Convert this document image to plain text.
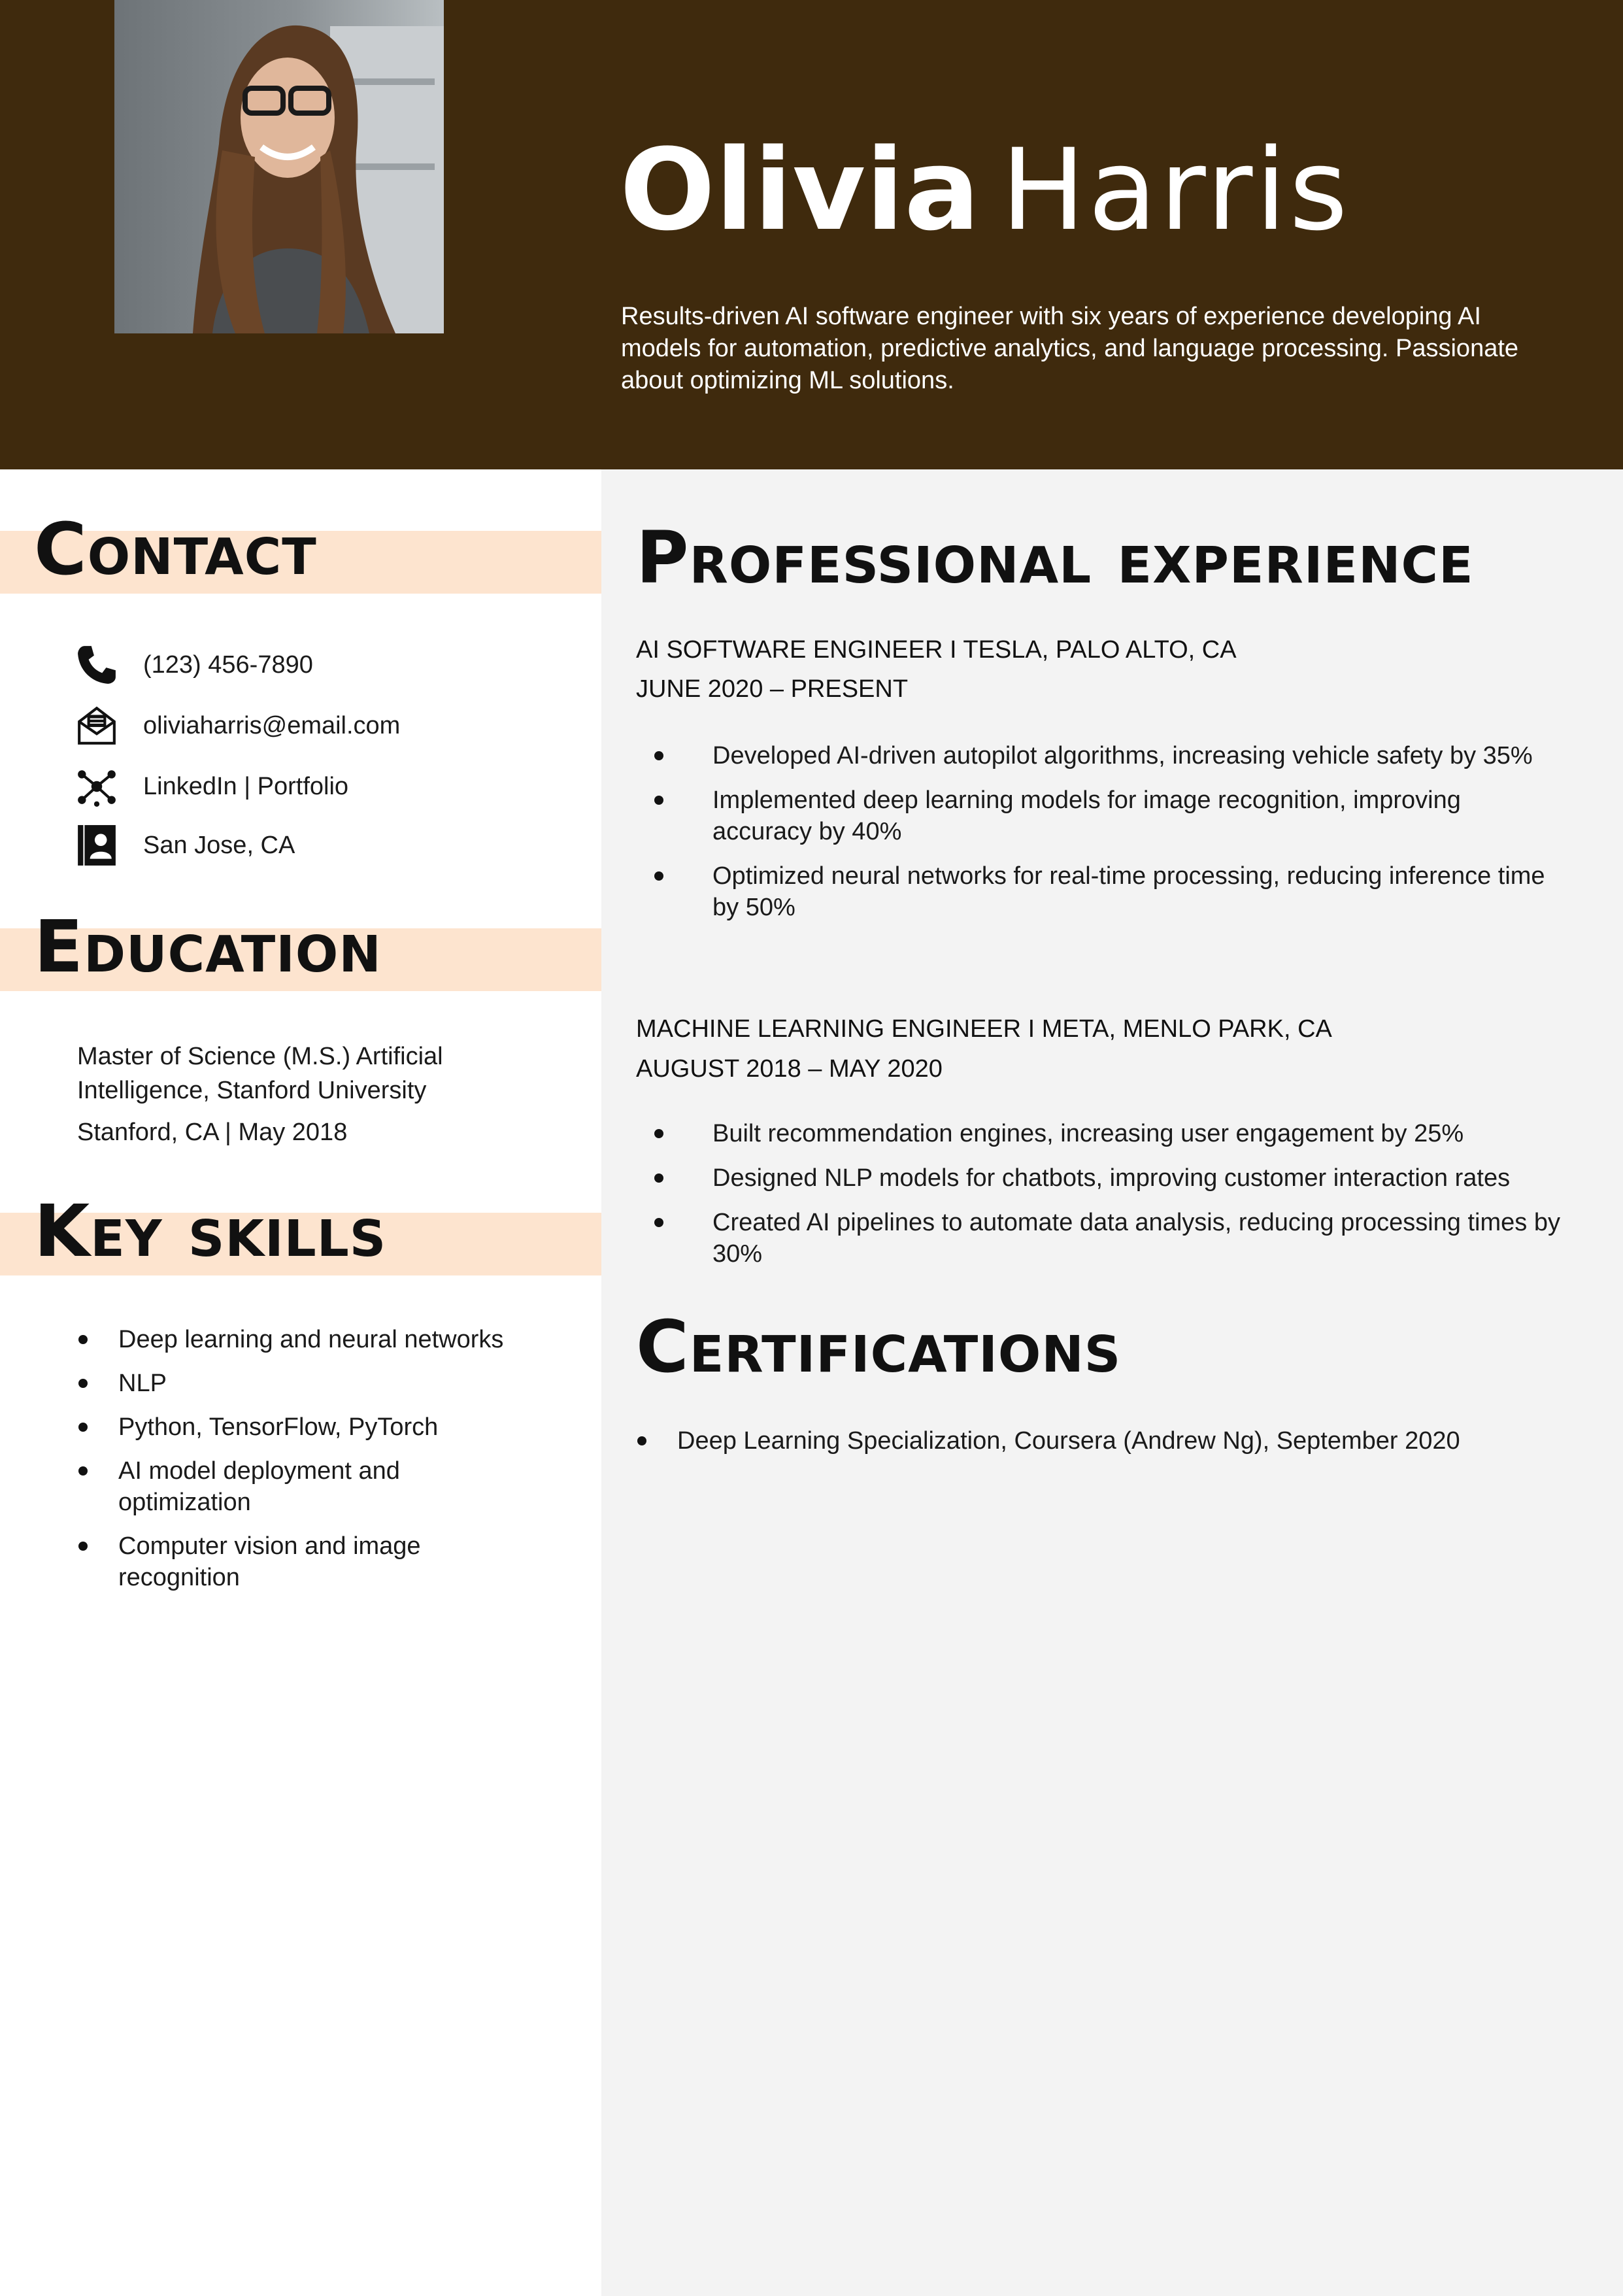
Olivia Harris
Results-driven AI software engineer with six years of experience developing AI models for automation, predictive analytics, and language processing. Passionate about optimizing ML solutions.
Contact
(123) 456-7890
oliviaharris@email.com
LinkedIn | Portfolio
San Jose, CA
Education
Master of Science (M.S.) Artificial Intelligence, Stanford University
Stanford, CA | May 2018
Key skills
Deep learning and neural networks
NLP
Python, TensorFlow, PyTorch
AI model deployment and optimization
Computer vision and image recognition
Professional experience
AI SOFTWARE ENGINEER I TESLA, PALO ALTO, CA
JUNE 2020 – PRESENT
Developed AI-driven autopilot algorithms, increasing vehicle safety by 35%
Implemented deep learning models for image recognition, improving accuracy by 40%
Optimized neural networks for real-time processing, reducing inference time by 50%
MACHINE LEARNING ENGINEER I META, MENLO PARK, CA
AUGUST 2018 – MAY 2020
Built recommendation engines, increasing user engagement by 25%
Designed NLP models for chatbots, improving customer interaction rates
Created AI pipelines to automate data analysis, reducing processing times by 30%
Certifications
Deep Learning Specialization, Coursera (Andrew Ng), September 2020
